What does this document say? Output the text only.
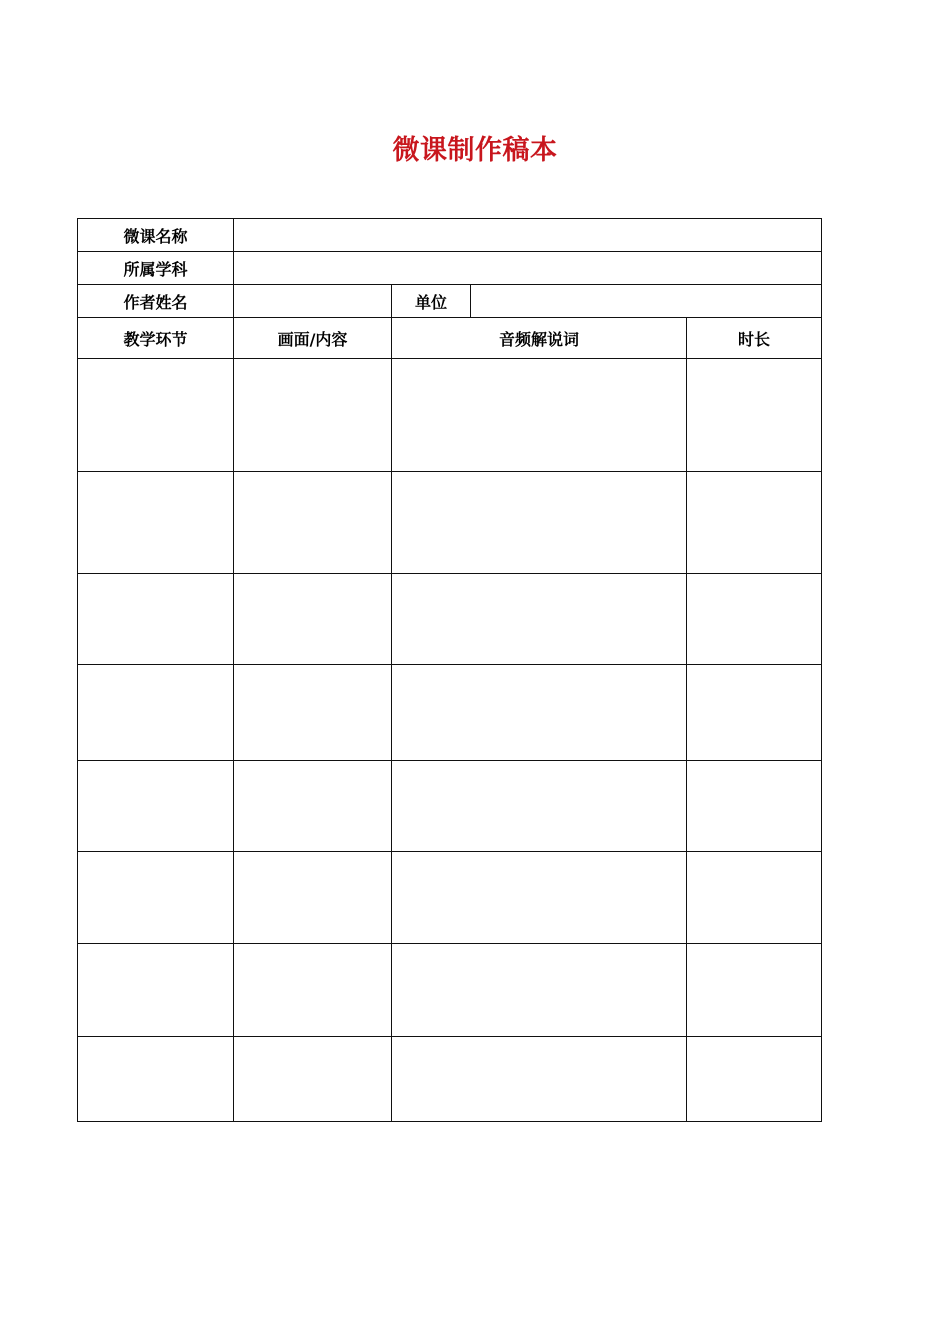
微课制作稿本
微课名称				
所属学科				
作者姓名		单位		
教学环节	画面/内容	音频解说词		时长
